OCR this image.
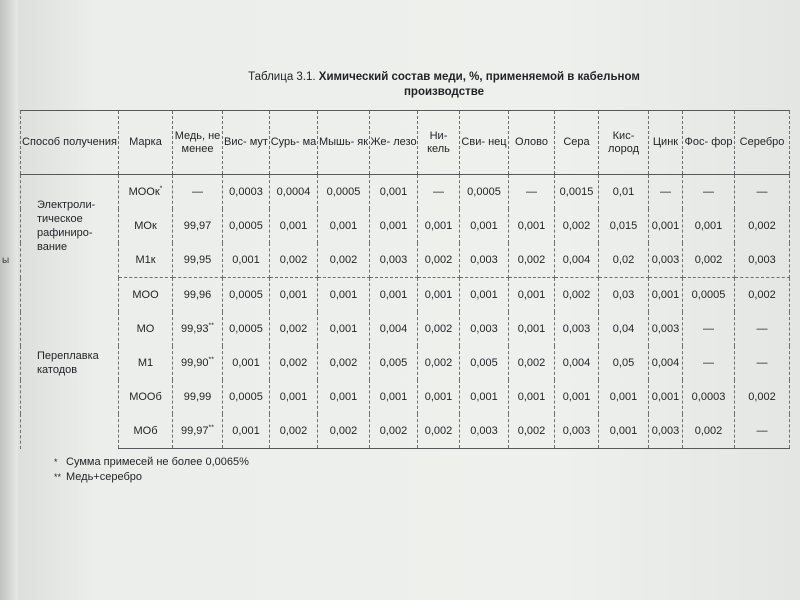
ы
Таблица 3.1. Химический состав меди, %, применяемой в кабельном
производстве
Способ получения	Марка	Медь, не менее	Вис- мут	Сурь- ма	Мышь- як	Же- лезо	Ни- кель	Сви- нец	Олово	Сера	Кис- лород	Цинк	Фос- фор	Серебро
Электроли- тическое рафиниро- вание	МООк*	—	0,0003	0,0004	0,0005	0,001	—	0,0005	—	0,0015	0,01	—	—	—
	МОк	99,97	0,0005	0,001	0,001	0,001	0,001	0,001	0,001	0,002	0,015	0,001	0,001	0,002
	М1к	99,95	0,001	0,002	0,002	0,003	0,002	0,003	0,002	0,004	0,02	0,003	0,002	0,003
Переплавка катодов	МОО	99,96	0,0005	0,001	0,001	0,001	0,001	0,001	0,001	0,002	0,03	0,001	0,0005	0,002
	МО	99,93**	0,0005	0,002	0,001	0,004	0,002	0,003	0,001	0,003	0,04	0,003	—	—
	М1	99,90**	0,001	0,002	0,002	0,005	0,002	0,005	0,002	0,004	0,05	0,004	—	—
	МООб	99,99	0,0005	0,001	0,001	0,001	0,001	0,001	0,001	0,001	0,001	0,001	0,0003	0,002
	МОб	99,97**	0,001	0,002	0,002	0,002	0,002	0,003	0,002	0,003	0,001	0,003	0,002	—
* Сумма примесей не более 0,0065%
** Медь+серебро
